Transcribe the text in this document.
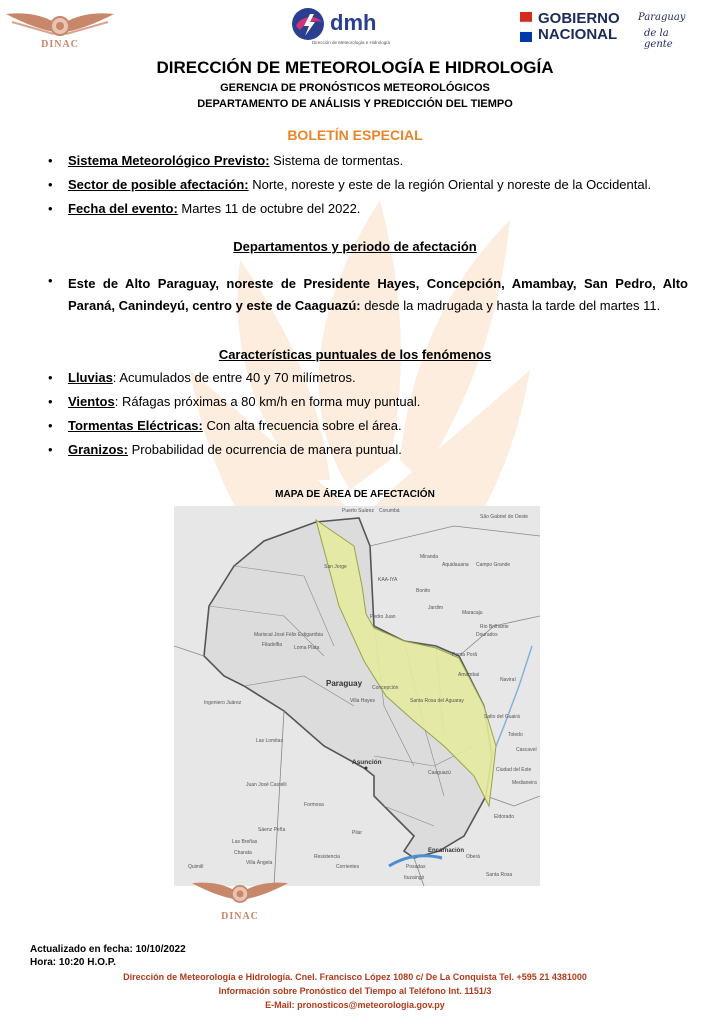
DINAC
dmh
Dirección de Meteorología e Hidrología
GOBIERNO
NACIONAL
Paraguay
de la gente
DIRECCIÓN DE METEOROLOGÍA E HIDROLOGÍA
GERENCIA DE PRONÓSTICOS METEOROLÓGICOS
DEPARTAMENTO DE ANÁLISIS Y PREDICCIÓN DEL TIEMPO
BOLETÍN ESPECIAL
• Sistema Meteorológico Previsto: Sistema de tormentas.
• Sector de posible afectación: Norte, noreste y este de la región Oriental y noreste de la Occidental.
• Fecha del evento: Martes 11 de octubre del 2022.
Departamentos y periodo de afectación
• Este de Alto Paraguay, noreste de Presidente Hayes, Concepción, Amambay, San Pedro, Alto Paraná, Canindeyú, centro y este de Caaguazú: desde la madrugada y hasta la tarde del martes 11.
Características puntuales de los fenómenos
• Lluvias: Acumulados de entre 40 y 70 milímetros.
• Vientos: Ráfagas próximas a 80 km/h en forma muy puntual.
• Tormentas Eléctricas: Con alta frecuencia sobre el área.
• Granizos: Probabilidad de ocurrencia de manera puntual.
MAPA DE ÁREA DE AFECTACIÓN
Puerto Suárez Corumbá
São Gabriel do Oeste
Miranda
Aquidauana Campo Grande
KAA-IYA
Bonito
Jardim
Maracaju
Rio Brilhante
Dourados
Pedro Juan
Ponta Porã
Amambai
Naviraí
Salto del Guairá
Cascavel
Toledo
Ciudad del Este
Medianeira
Eldorado
San Jorge
Mariscal José Félix Estigarribia
Filadelfia Loma Plata
Paraguay Concepción
Santa Rosa del Aguaray
Villa Hayes
Ingeniero Juárez
Las Lomitas
Asunción
Caaguazú
Formosa
Juan José Castelli
Sáenz Peña
Las Breñas
Pilar
Charata
Villa Ángela
Quimilí
Resistencia
Corrientes
Encarnación
Posadas
Ituzaingó
Oberá
Santa Rosa
DINAC
Actualizado en fecha: 10/10/2022
Hora: 10:20 H.O.P.
Dirección de Meteorología e Hidrología. Cnel. Francisco López 1080 c/ De La Conquista Tel. +595 21 4381000
Información sobre Pronóstico del Tiempo al Teléfono Int. 1151/3
E-Mail: pronosticos@meteorologia.gov.py
